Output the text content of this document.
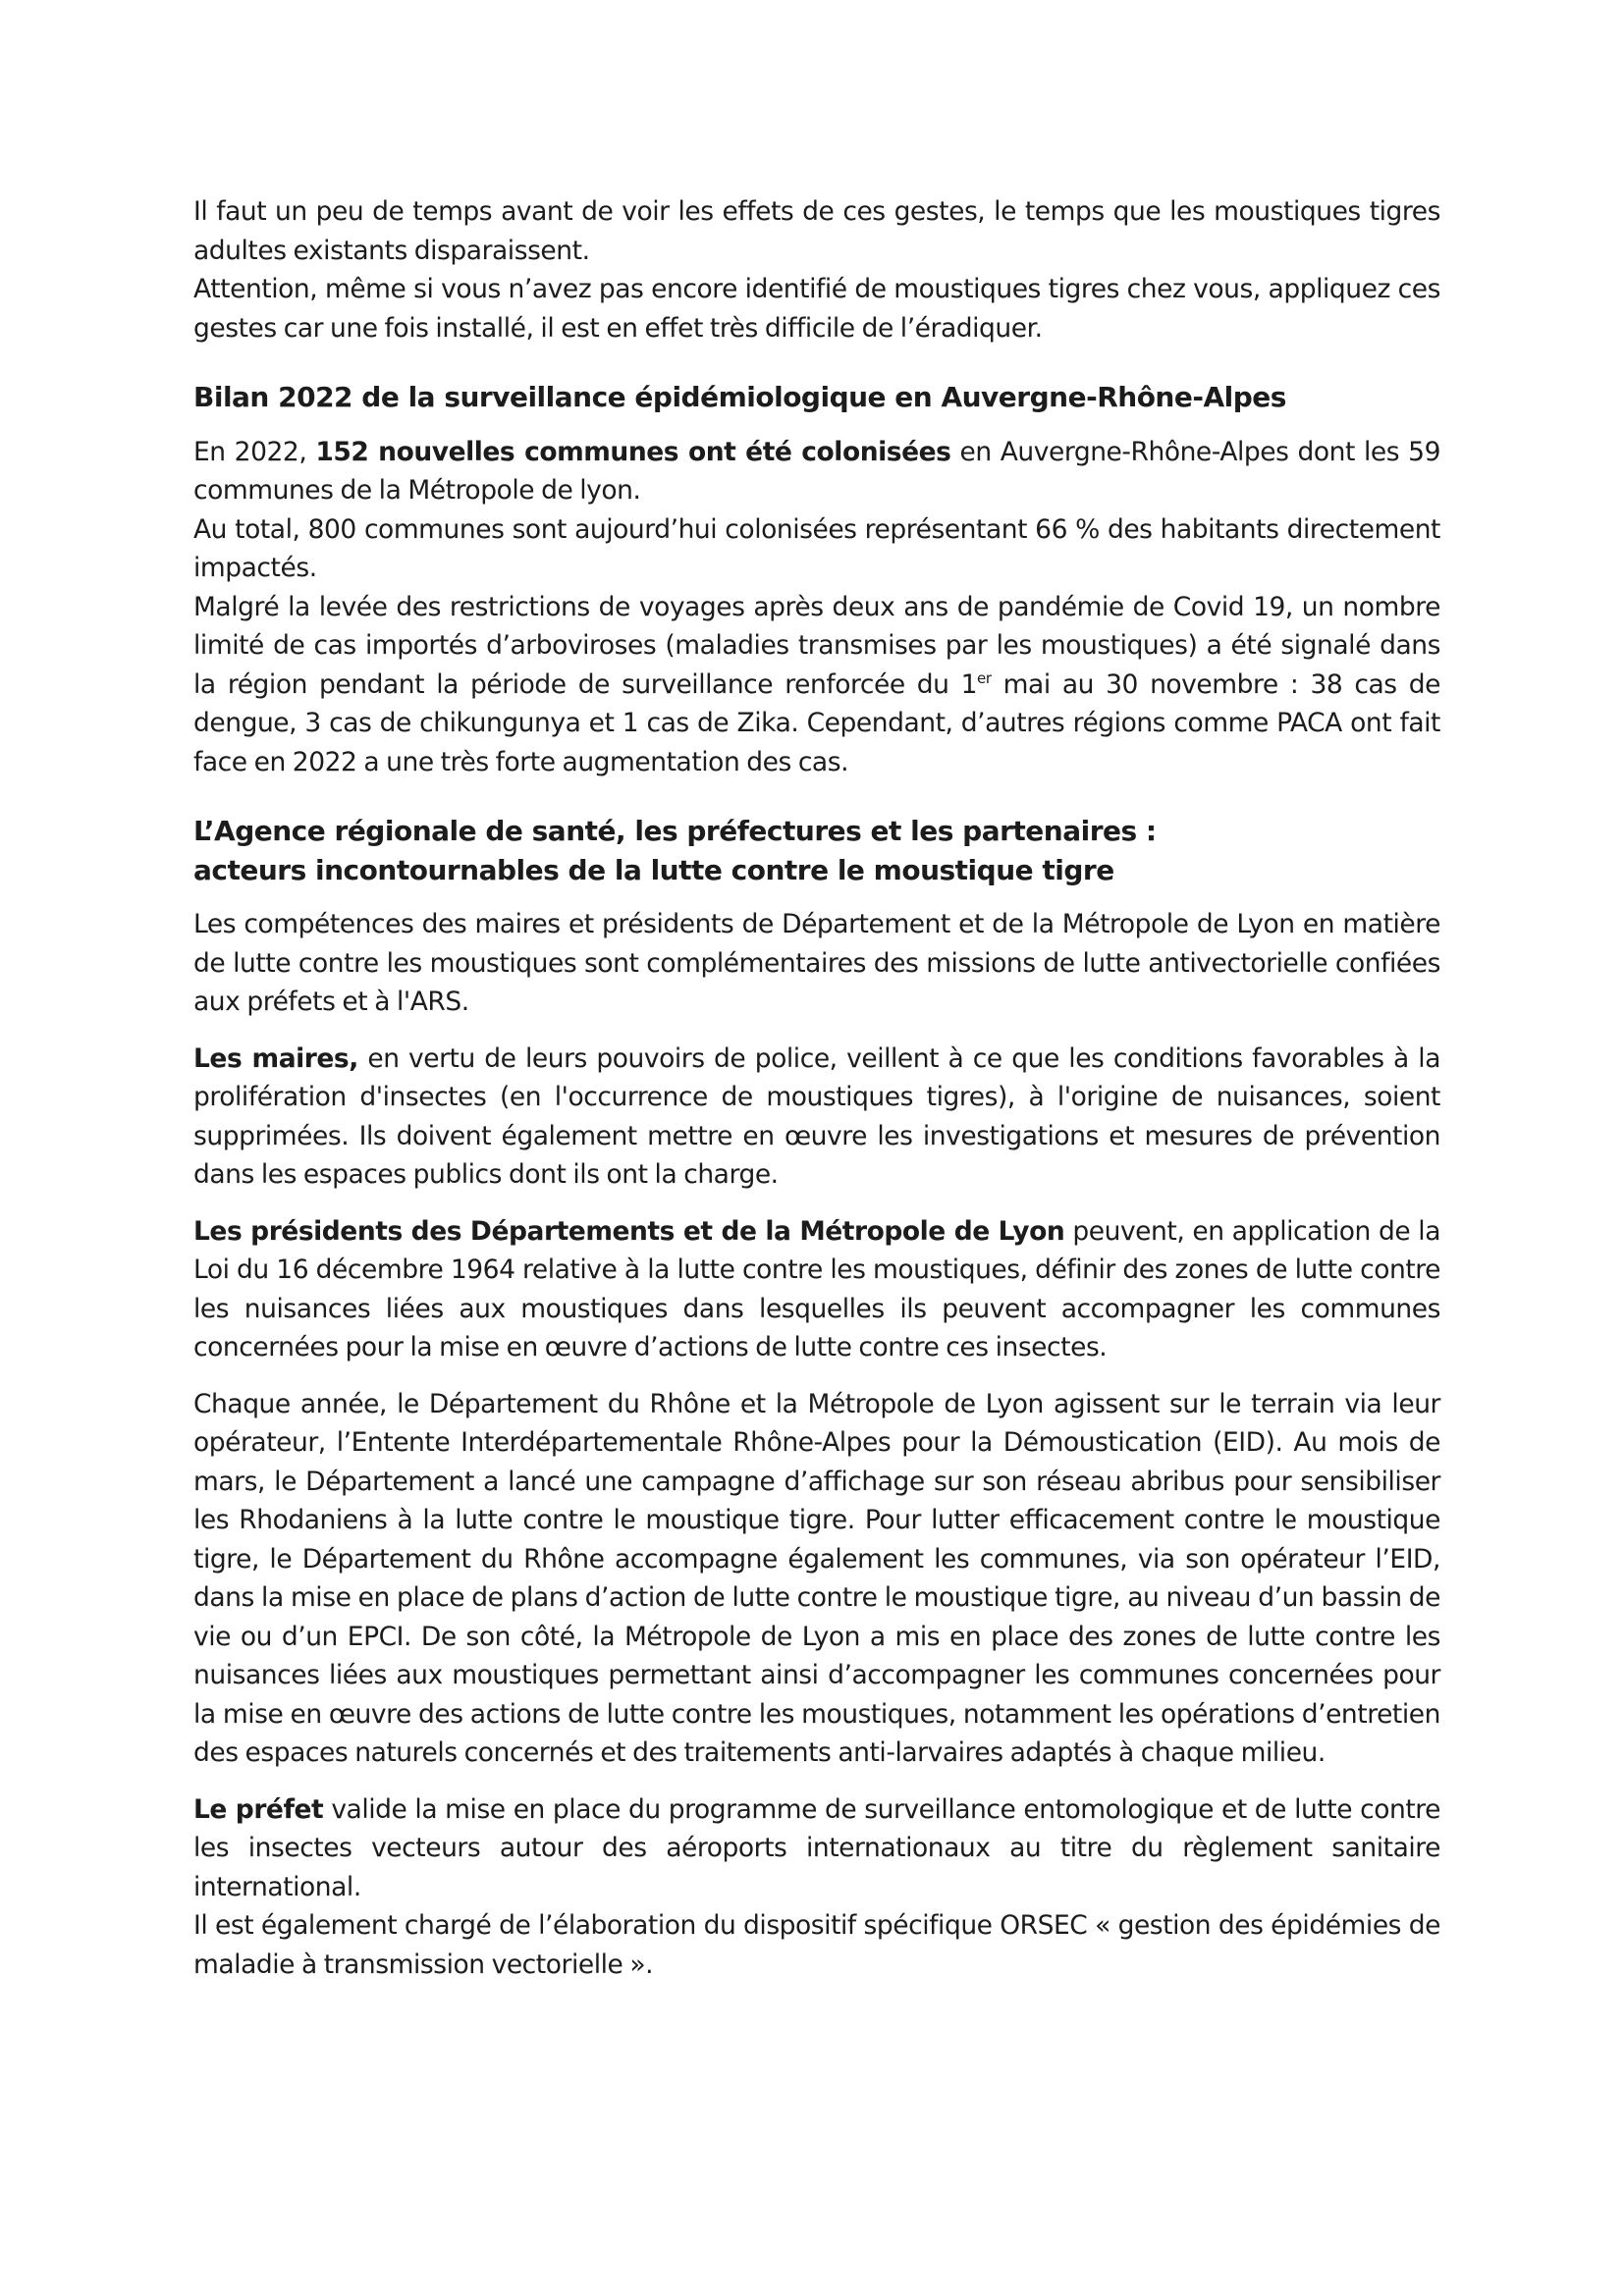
Il faut un peu de temps avant de voir les effets de ces gestes, le temps que les moustiques tigres adultes existants disparaissent.

Attention, même si vous n’avez pas encore identifié de moustiques tigres chez vous, appliquez ces gestes car une fois installé, il est en effet très difficile de l’éradiquer.

Bilan 2022 de la surveillance épidémiologique en Auvergne-Rhône-Alpes

En 2022, 152 nouvelles communes ont été colonisées en Auvergne-Rhône-Alpes dont les 59 communes de la Métropole de lyon.

Au total, 800 communes sont aujourd’hui colonisées représentant 66 % des habitants directement impactés.

Malgré la levée des restrictions de voyages après deux ans de pandémie de Covid 19, un nombre limité de cas importés d’arboviroses (maladies transmises par les moustiques) a été signalé dans la région pendant la période de surveillance renforcée du 1er mai au 30 novembre : 38 cas de dengue, 3 cas de chikungunya et 1 cas de Zika. Cependant, d’autres régions comme PACA ont fait face en 2022 a une très forte augmentation des cas.

L’Agence régionale de santé, les préfectures et les partenaires :
acteurs incontournables de la lutte contre le moustique tigre

Les compétences des maires et présidents de Département et de la Métropole de Lyon en matière de lutte contre les moustiques sont complémentaires des missions de lutte antivectorielle confiées aux préfets et à l'ARS.

Les maires, en vertu de leurs pouvoirs de police, veillent à ce que les conditions favorables à la prolifération d'insectes (en l'occurrence de moustiques tigres), à l'origine de nuisances, soient supprimées. Ils doivent également mettre en œuvre les investigations et mesures de prévention dans les espaces publics dont ils ont la charge.

Les présidents des Départements et de la Métropole de Lyon peuvent, en application de la Loi du 16 décembre 1964 relative à la lutte contre les moustiques, définir des zones de lutte contre les nuisances liées aux moustiques dans lesquelles ils peuvent accompagner les communes concernées pour la mise en œuvre d’actions de lutte contre ces insectes.

Chaque année, le Département du Rhône et la Métropole de Lyon agissent sur le terrain via leur opérateur, l’Entente Interdépartementale Rhône-Alpes pour la Démoustication (EID). Au mois de mars, le Département a lancé une campagne d’affichage sur son réseau abribus pour sensibiliser les Rhodaniens à la lutte contre le moustique tigre. Pour lutter efficacement contre le moustique tigre, le Département du Rhône accompagne également les communes, via son opérateur l’EID, dans la mise en place de plans d’action de lutte contre le moustique tigre, au niveau d’un bassin de vie ou d’un EPCI. De son côté, la Métropole de Lyon a mis en place des zones de lutte contre les nuisances liées aux moustiques permettant ainsi d’accompagner les communes concernées pour la mise en œuvre des actions de lutte contre les moustiques, notamment les opérations d’entretien des espaces naturels concernés et des traitements anti-larvaires adaptés à chaque milieu.

Le préfet valide la mise en place du programme de surveillance entomologique et de lutte contre les insectes vecteurs autour des aéroports internationaux au titre du règlement sanitaire international.

Il est également chargé de l’élaboration du dispositif spécifique ORSEC « gestion des épidémies de maladie à transmission vectorielle ».
